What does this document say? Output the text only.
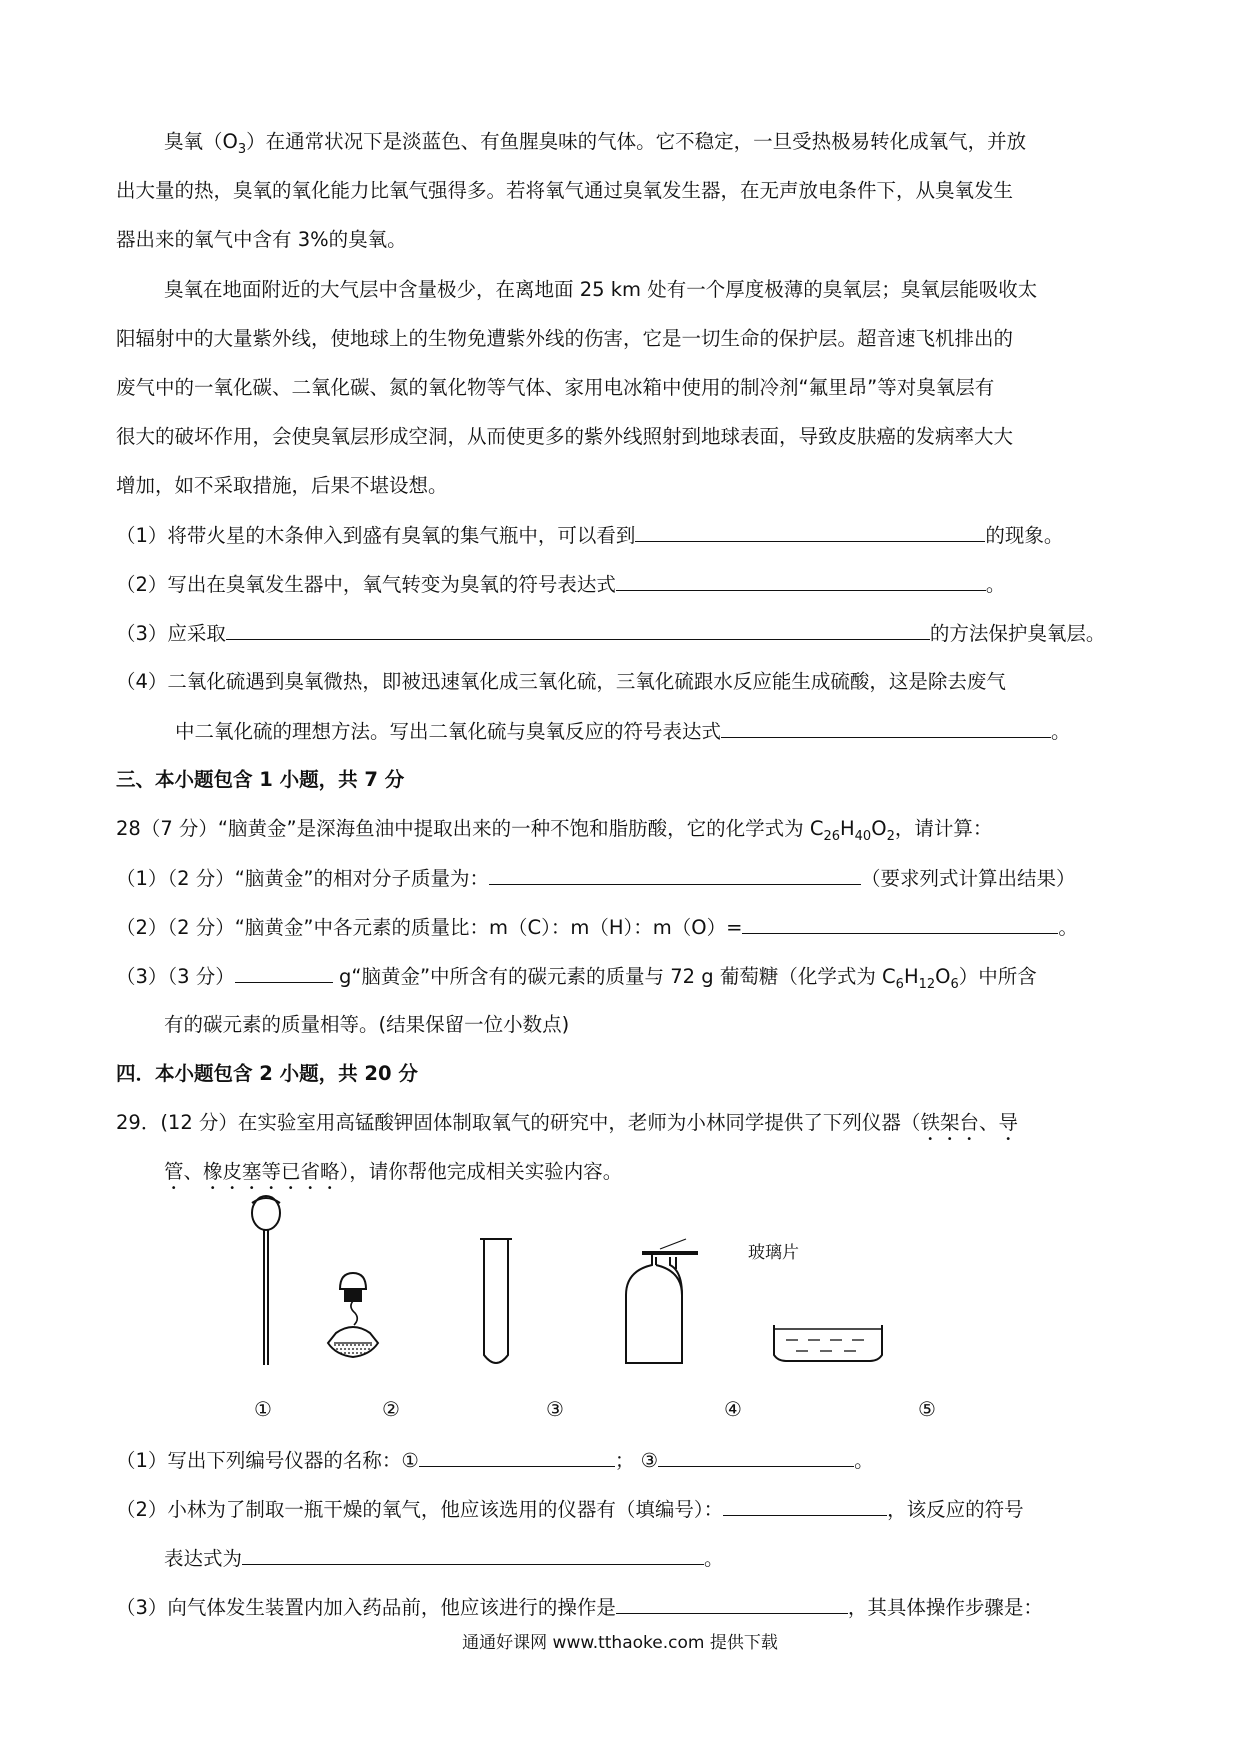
臭氧$(O_3)$在通常状况下是淡蓝色、有鱼腥臭味的气体。它不稳定，一旦受热极易转化成氧气，并放
出大量的热，臭氧的氧化能力比氧气强得多。若将氧气通过臭氧发生器，在无声放电条件下，从臭氧发生
器出来的氧气中含有 3%的臭氧。
臭氧在地面附近的大气层中含量极少，在离地面 25 km 处有一个厚度极薄的臭氧层；臭氧层能吸收太
阳辐射中的大量紫外线，使地球上的生物免遭紫外线的伤害，它是一切生命的保护层。超音速飞机排出的
废气中的一氧化碳、二氧化碳、氮的氧化物等气体、家用电冰箱中使用的制冷剂“氟里昂”等对臭氧层有
很大的破坏作用，会使臭氧层形成空洞，从而使更多的紫外线照射到地球表面，导致皮肤癌的发病率大大
增加，如不采取措施，后果不堪设想。
（1）将带火星的木条伸入到盛有臭氧的集气瓶中，可以看到	的现象。
（2）写出在臭氧发生器中，氧气转变为臭氧的符号表达式	。
（3）应采取	的方法保护臭氧层。
（4）二氧化硫遇到臭氧微热，即被迅速氧化成三氧化硫，三氧化硫跟水反应能生成硫酸，这是除去废气
中二氧化硫的理想方法。写出二氧化硫与臭氧反应的符号表达式	。
三、本小题包含 1 小题，共 7 分
28（7 分）“脑黄金”是深海鱼油中提取出来的一种不饱和脂肪酸，它的化学式为 $C_{26}H_{40}O_2$，请计算：
（1）（2 分）“脑黄金”的相对分子质量为：	（要求列式计算出结果）
（2）（2 分）“脑黄金”中各元素的质量比：m（C）：m（H）：m（O）=	。
（3）（3 分）	g“脑黄金”中所含有的碳元素的质量与 72 g 葡萄糖（化学式为 $C_6H_{12}O_6$）中所含
有的碳元素的质量相等。(结果保留一位小数点)
四．本小题包含 2 小题，共 20 分
29．(12 分）在实验室用高锰酸钾固体制取氧气的研究中，老师为小林同学提供了下列仪器（铁架台、导
管、橡皮塞等已省略），请你帮他完成相关实验内容。
玻璃片
①	②	③	④	⑤
（1）写出下列编号仪器的名称：①	； ③	。
（2）小林为了制取一瓶干燥的氧气，他应该选用的仪器有（填编号）：	，该反应的符号
表达式为	。
（3）向气体发生装置内加入药品前，他应该进行的操作是	，其具体操作步骤是：
通通好课网 www.tthaoke.com 提供下载
